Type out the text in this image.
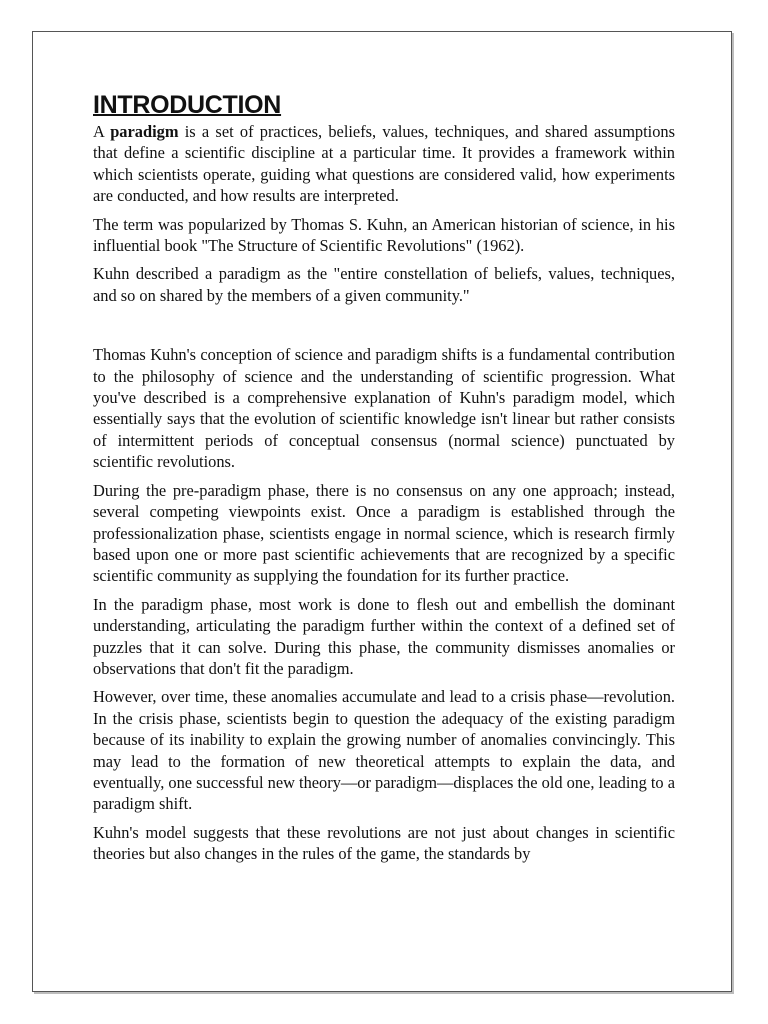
INTRODUCTION

A paradigm is a set of practices, beliefs, values, techniques, and shared assumptions that define a scientific discipline at a particular time. It provides a framework within which scientists operate, guiding what questions are considered valid, how experiments are conducted, and how results are interpreted.

The term was popularized by Thomas S. Kuhn, an American historian of science, in his influential book "The Structure of Scientific Revolutions" (1962).

Kuhn described a paradigm as the "entire constellation of beliefs, values, techniques, and so on shared by the members of a given community."

Thomas Kuhn's conception of science and paradigm shifts is a fundamental contribution to the philosophy of science and the understanding of scientific progression. What you've described is a comprehensive explanation of Kuhn's paradigm model, which essentially says that the evolution of scientific knowledge isn't linear but rather consists of intermittent periods of conceptual consensus (normal science) punctuated by scientific revolutions.

During the pre-paradigm phase, there is no consensus on any one approach; instead, several competing viewpoints exist. Once a paradigm is established through the professionalization phase, scientists engage in normal science, which is research firmly based upon one or more past scientific achievements that are recognized by a specific scientific community as supplying the foundation for its further practice.

In the paradigm phase, most work is done to flesh out and embellish the dominant understanding, articulating the paradigm further within the context of a defined set of puzzles that it can solve. During this phase, the community dismisses anomalies or observations that don't fit the paradigm.

However, over time, these anomalies accumulate and lead to a crisis phase—revolution. In the crisis phase, scientists begin to question the adequacy of the existing paradigm because of its inability to explain the growing number of anomalies convincingly. This may lead to the formation of new theoretical attempts to explain the data, and eventually, one successful new theory—or paradigm—displaces the old one, leading to a paradigm shift.

Kuhn's model suggests that these revolutions are not just about changes in scientific theories but also changes in the rules of the game, the standards by
